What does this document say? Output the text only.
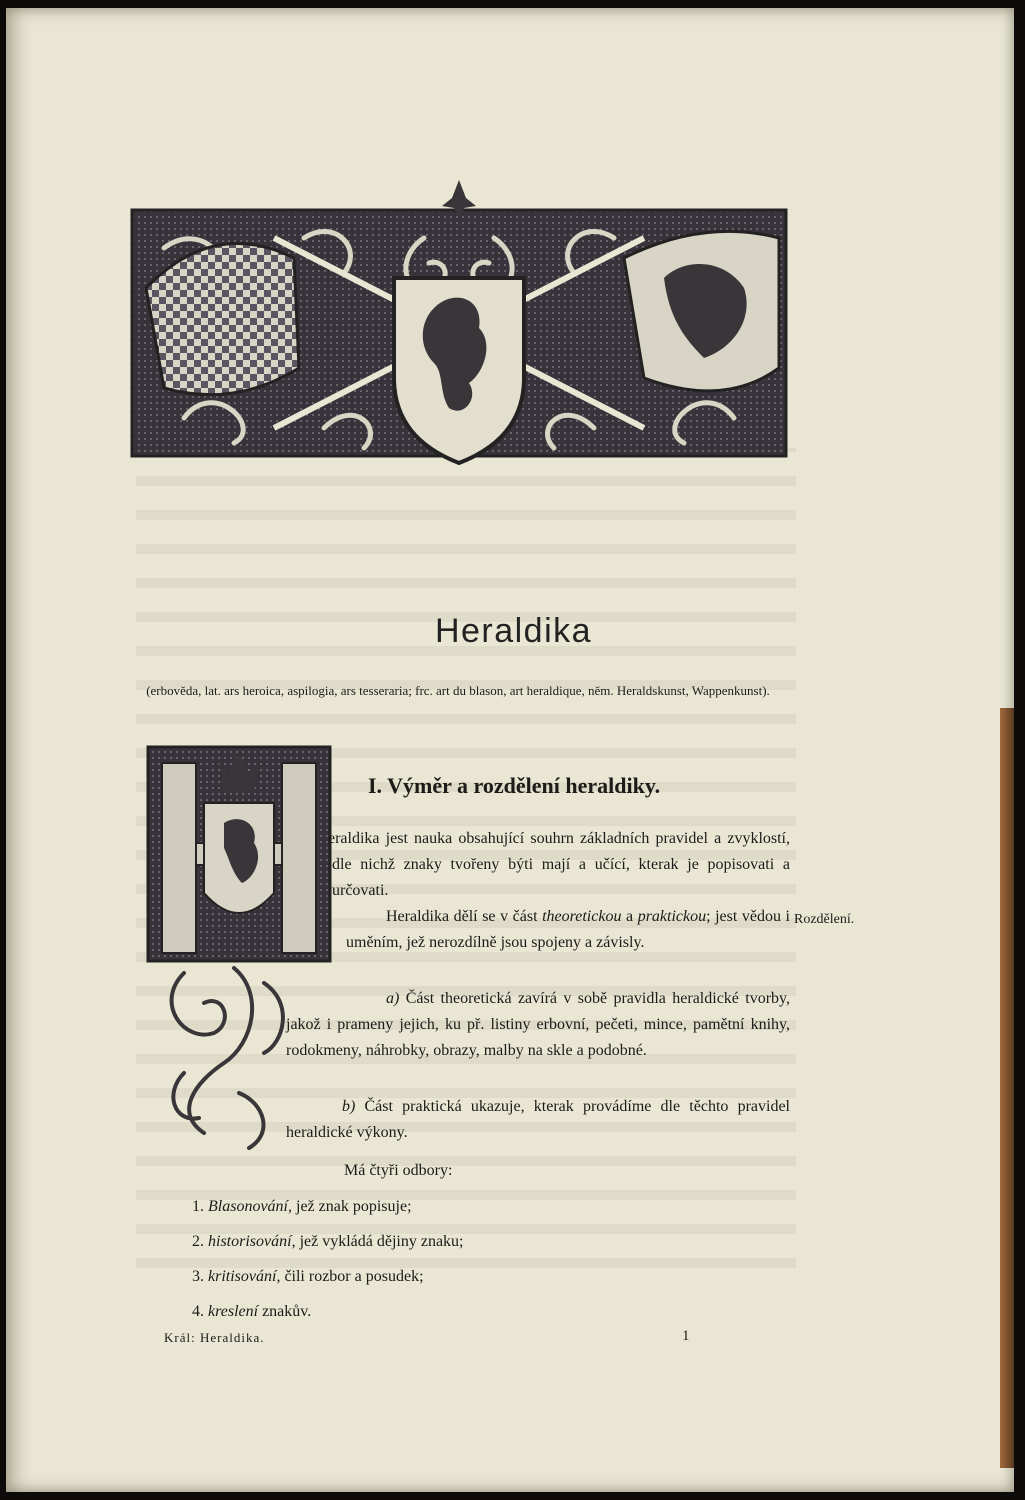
Heraldika
(erbověda, lat. ars heroica, aspilogia, ars tesseraria; frc. art du blason, art heraldique, něm. Heraldskunst, Wappenkunst).
I. Výměr a rozdělení heraldiky.

eraldika jest nauka obsahující souhrn základních pravidel a zvyklostí, dle nichž znaky tvořeny býti mají a učící, kterak je popisovati a určovati.

Heraldika dělí se v část theoretickou a praktickou; jest vědou i uměním, jež nerozdílně jsou spojeny a závisly.

Rozdělení.

a) Část theoretická zavírá v sobě pravidla heraldické tvorby, jakož i prameny jejich, ku př. listiny erbovní, pečeti, mince, pamětní knihy, rodokmeny, náhrobky, obrazy, malby na skle a podobné.

b) Část praktická ukazuje, kterak provádíme dle těchto pravidel heraldické výkony.

Má čtyři odbory:
1. Blasonování, jež znak popisuje;
2. historisování, jež vykládá dějiny znaku;
3. kritisování, čili rozbor a posudek;
4. kreslení znakův.
Král: Heraldika.	1
